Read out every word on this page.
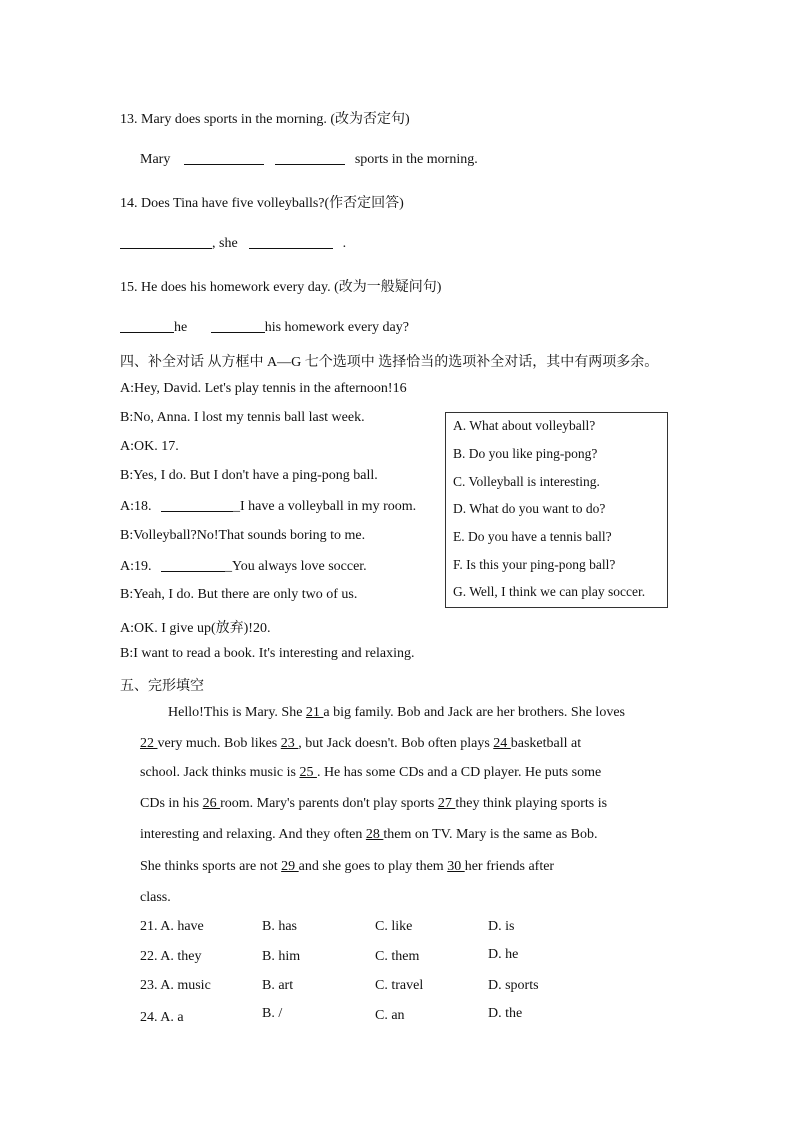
13. Mary does sports in the morning. (改为否定句)
Mary	sports in the morning.
14. Does Tina have five volleyballs?(作否定回答)
, she	.
15. He does his homework every day. (改为一般疑问句)
he	his homework every day?
四、补全对话 从方框中 A—G 七个选项中 选择恰当的选项补全对话，其中有两项多余。
A:Hey, David. Let's play tennis in the afternoon!16
B:No, Anna. I lost my tennis ball last week.
A:OK. 17.
B:Yes, I do. But I don't have a ping-pong ball.
A:18.	_I have a volleyball in my room.
B:Volleyball?No!That sounds boring to me.
A:19.	_You always love soccer.
B:Yeah, I do. But there are only two of us.
A:OK. I give up(放弃)!20.
B:I want to read a book. It's interesting and relaxing.
A. What about volleyball?
B. Do you like ping-pong?
C. Volleyball is interesting.
D. What do you want to do?
E. Do you have a tennis ball?
F. Is this your ping-pong ball?
G. Well, I think we can play soccer.
五、完形填空
Hello!This is Mary. She 21 a big family. Bob and Jack are her brothers. She loves
22 very much. Bob likes 23 , but Jack doesn't. Bob often plays 24 basketball at
school. Jack thinks music is 25 . He has some CDs and a CD player. He puts some
CDs in his 26 room. Mary's parents don't play sports 27 they think playing sports is
interesting and relaxing. And they often 28 them on TV. Mary is the same as Bob.
She thinks sports are not 29 and she goes to play them 30 her friends after
class.
21. A. have	B. has	C. like	D. is
22. A. they	B. him	C. them	D. he
23. A. music	B. art	C. travel	D. sports
24. A. a	B. /	C. an	D. the
